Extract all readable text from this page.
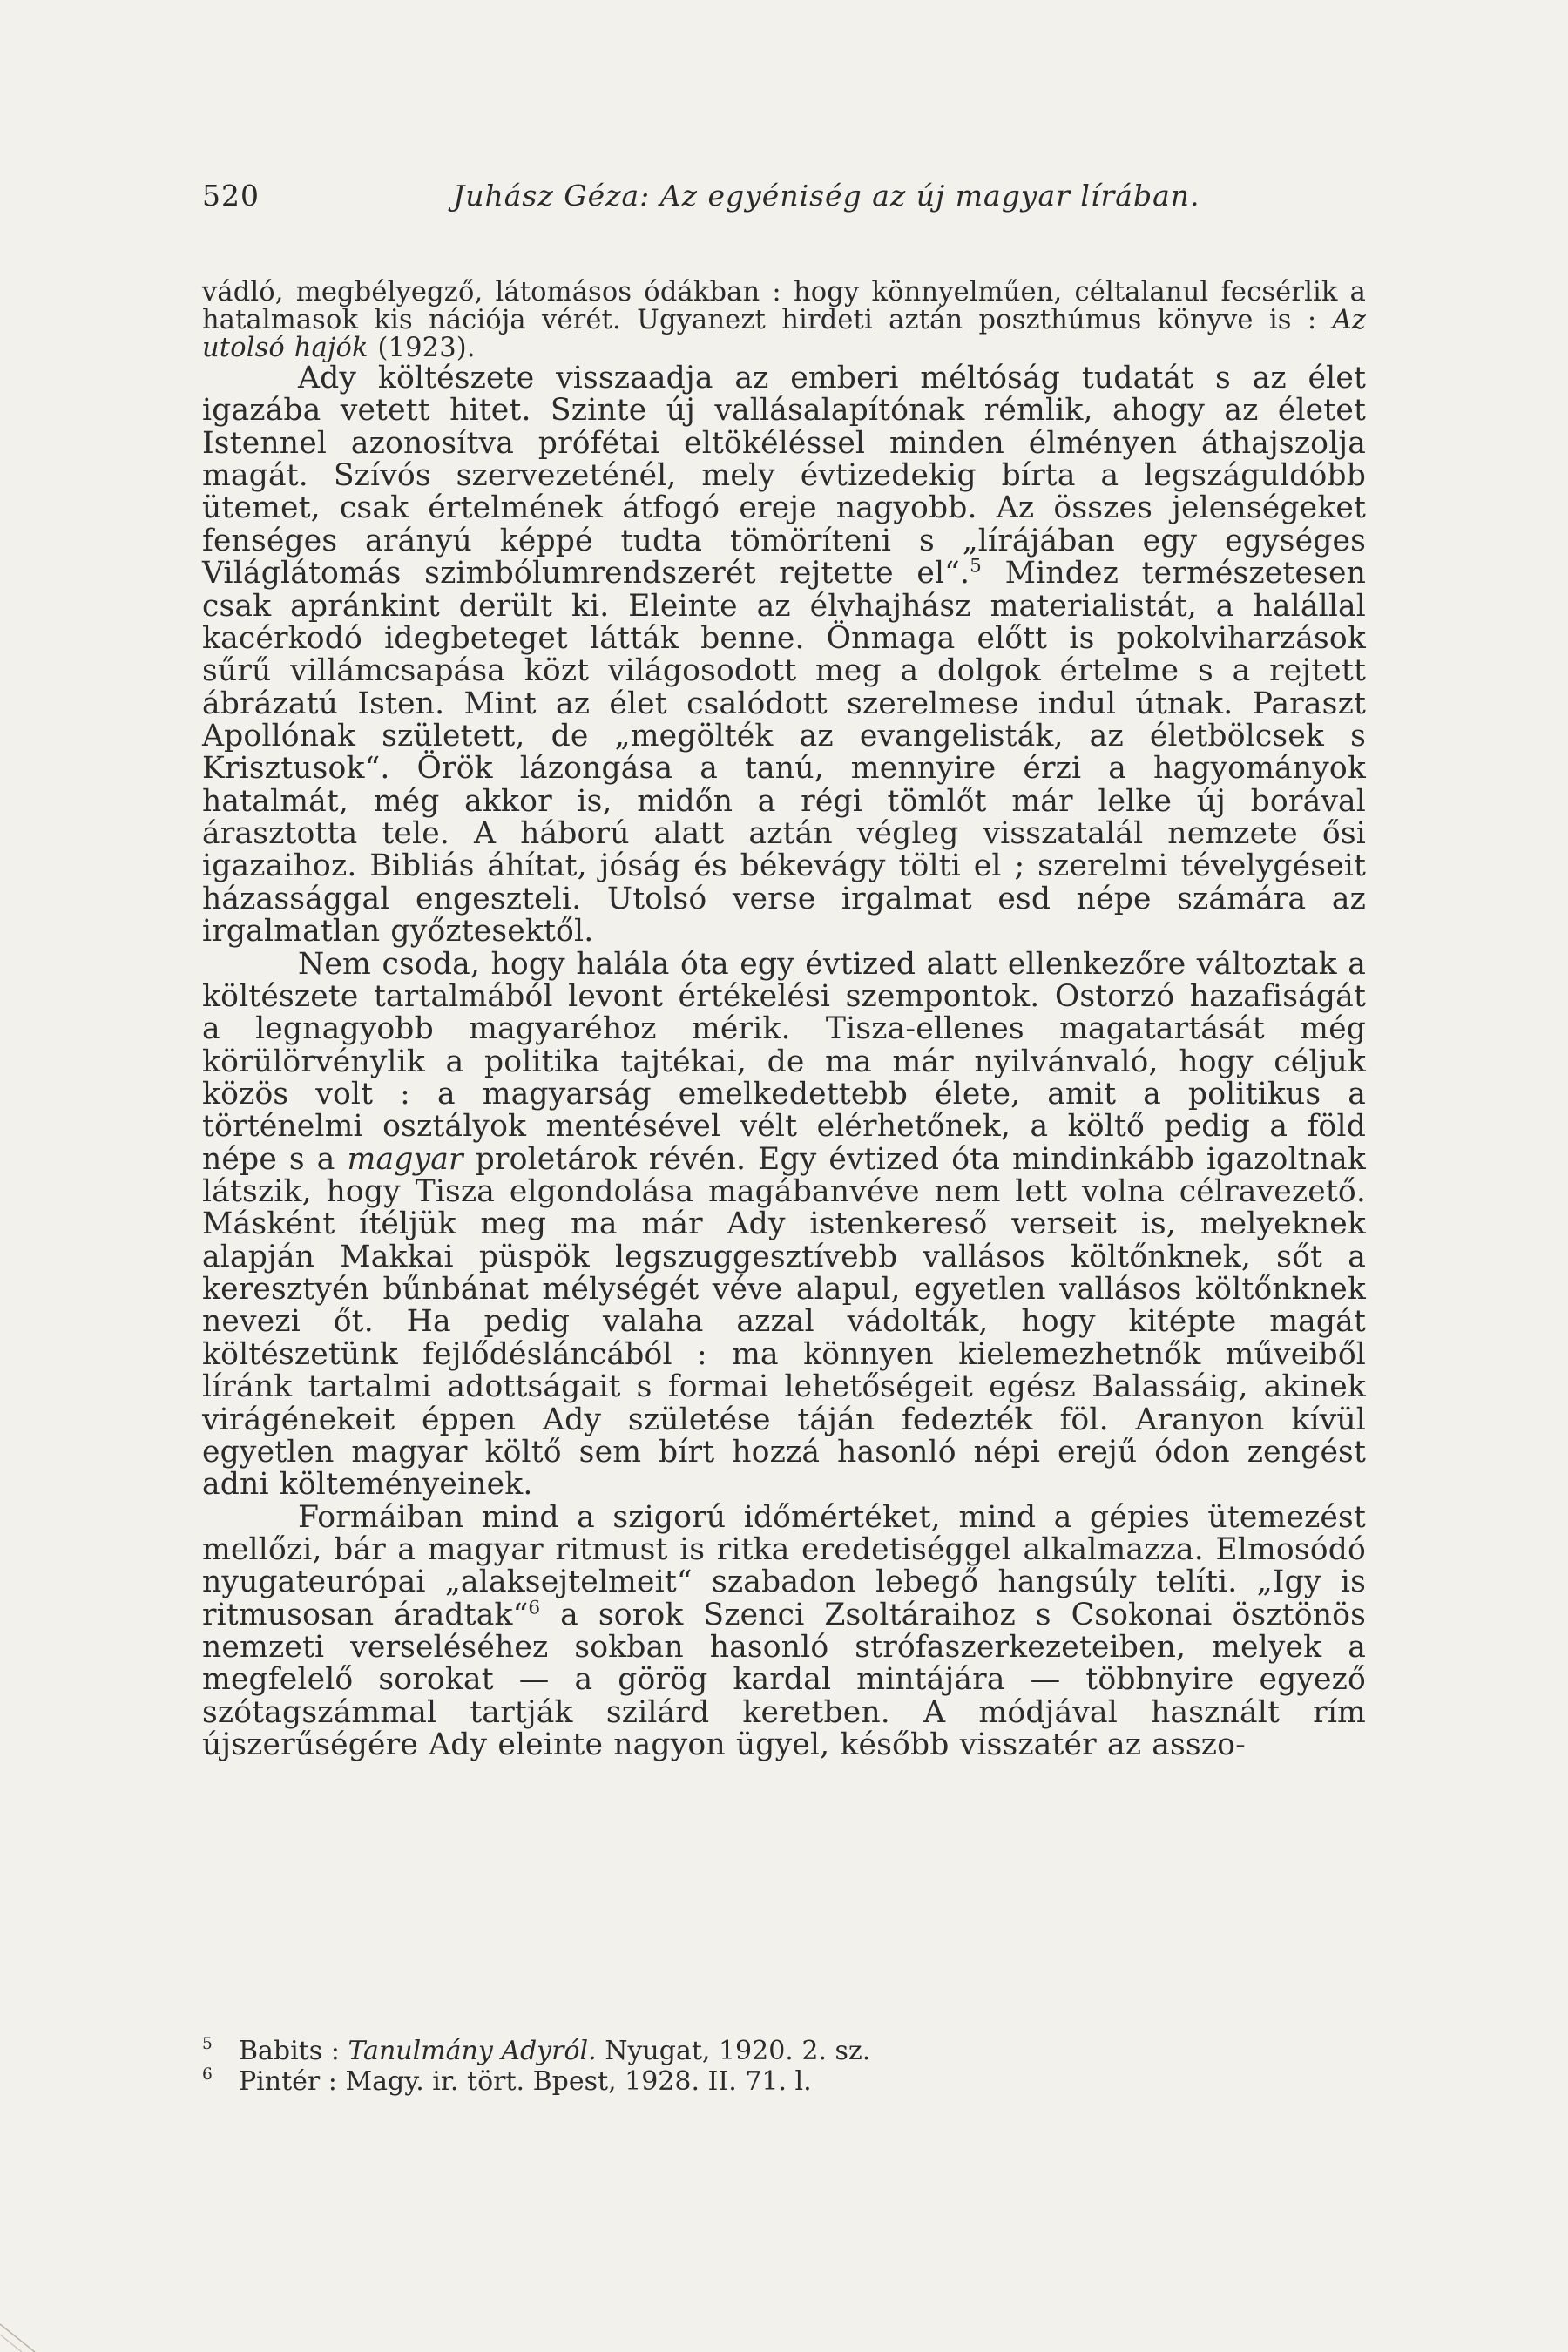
520	Juhász Géza: Az egyéniség az új magyar lírában.

vádló, megbélyegző, látomásos ódákban : hogy könnyelműen, céltalanul fecsérlik a hatalmasok kis nációja vérét. Ugyanezt hirdeti aztán poszthúmus könyve is : Az utolsó hajók (1923).

Ady költészete visszaadja az emberi méltóság tudatát s az élet igazába vetett hitet. Szinte új vallásalapítónak rémlik, ahogy az életet Istennel azonosítva prófétai eltökéléssel minden élményen áthajszolja magát. Szívós szervezeténél, mely évtizedekig bírta a legszáguldóbb ütemet, csak értelmének átfogó ereje nagyobb. Az összes jelenségeket fenséges arányú képpé tudta tömöríteni s „lírájában egy egységes Világlátomás szimbólumrendszerét rejtette el“.$^5$ Mindez természetesen csak apránkint derült ki. Eleinte az élvhajhász materialistát, a halállal kacérkodó idegbeteget látták benne. Önmaga előtt is pokolviharzások sűrű villámcsapása közt világosodott meg a dolgok értelme s a rejtett ábrázatú Isten. Mint az élet csalódott szerelmese indul útnak. Paraszt Apollónak született, de „megölték az evangelisták, az életbölcsek s Krisztusok“. Örök lázongása a tanú, mennyire érzi a hagyományok hatalmát, még akkor is, midőn a régi tömlőt már lelke új borával árasztotta tele. A háború alatt aztán végleg visszatalál nemzete ősi igazaihoz. Bibliás áhítat, jóság és békevágy tölti el ; szerelmi tévelygéseit házassággal engeszteli. Utolsó verse irgalmat esd népe számára az irgalmatlan győztesektől.

Nem csoda, hogy halála óta egy évtized alatt ellenkezőre változtak a költészete tartalmából levont értékelési szempontok. Ostorzó hazafiságát a legnagyobb magyaréhoz mérik. Tisza-ellenes magatartását még körülörvénylik a politika tajtékai, de ma már nyilvánvaló, hogy céljuk közös volt : a magyarság emelkedettebb élete, amit a politikus a történelmi osztályok mentésével vélt elérhetőnek, a költő pedig a föld népe s a magyar proletárok révén. Egy évtized óta mindinkább igazoltnak látszik, hogy Tisza elgondolása magábanvéve nem lett volna célravezető. Másként ítéljük meg ma már Ady istenkereső verseit is, melyeknek alapján Makkai püspök legszuggesztívebb vallásos költőnknek, sőt a keresztyén bűnbánat mélységét véve alapul, egyetlen vallásos költőnknek nevezi őt. Ha pedig valaha azzal vádolták, hogy kitépte magát költészetünk fejlődésláncából : ma könnyen kielemezhetnők műveiből líránk tartalmi adottságait s formai lehetőségeit egész Balassáig, akinek virágénekeit éppen Ady születése táján fedezték föl. Aranyon kívül egyetlen magyar költő sem bírt hozzá hasonló népi erejű ódon zengést adni költeményeinek.

Formáiban mind a szigorú időmértéket, mind a gépies ütemezést mellőzi, bár a magyar ritmust is ritka eredetiséggel alkalmazza. Elmosódó nyugateurópai „alaksejtelmeit“ szabadon lebegő hangsúly telíti. „Igy is ritmusosan áradtak“$^6$ a sorok Szenci Zsoltáraihoz s Csokonai ösztönös nemzeti verseléséhez sokban hasonló strófaszerkezeteiben, melyek a megfelelő sorokat — a görög kardal mintájára — többnyire egyező szótagszámmal tartják szilárd keretben. A módjával használt rím újszerűségére Ady eleinte nagyon ügyel, később visszatér az asszo-

5 Babits : Tanulmány Adyról. Nyugat, 1920. 2. sz.

6 Pintér : Magy. ir. tört. Bpest, 1928. II. 71. l.
